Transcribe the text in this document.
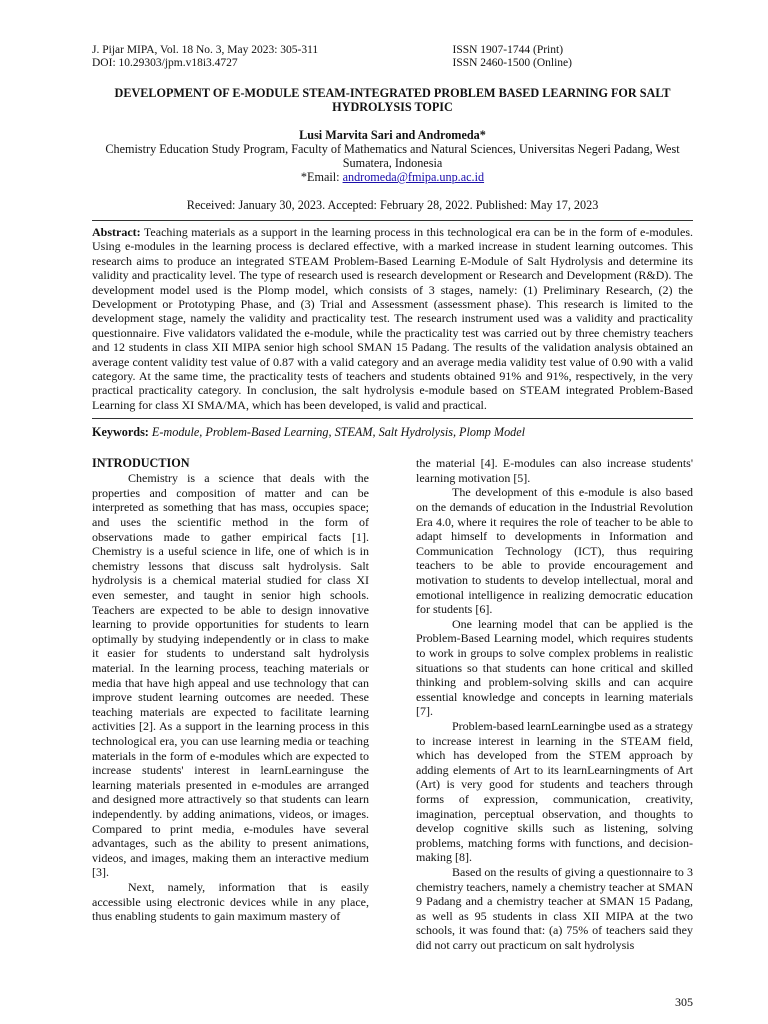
J. Pijar MIPA, Vol. 18 No. 3, May 2023: 305-311
DOI: 10.29303/jpm.v18i3.4727
ISSN 1907-1744 (Print)
ISSN 2460-1500 (Online)
DEVELOPMENT OF E-MODULE STEAM-INTEGRATED PROBLEM BASED LEARNING FOR SALT HYDROLYSIS TOPIC
Lusi Marvita Sari and Andromeda*
Chemistry Education Study Program, Faculty of Mathematics and Natural Sciences, Universitas Negeri Padang, West Sumatera, Indonesia
*Email: andromeda@fmipa.unp.ac.id
Received: January 30, 2023. Accepted: February 28, 2022. Published: May 17, 2023
Abstract: Teaching materials as a support in the learning process in this technological era can be in the form of e-modules. Using e-modules in the learning process is declared effective, with a marked increase in student learning outcomes. This research aims to produce an integrated STEAM Problem-Based Learning E-Module of Salt Hydrolysis and determine its validity and practicality level. The type of research used is research development or Research and Development (R&D). The development model used is the Plomp model, which consists of 3 stages, namely: (1) Preliminary Research, (2) the Development or Prototyping Phase, and (3) Trial and Assessment (assessment phase). This research is limited to the development stage, namely the validity and practicality test. The research instrument used was a validity and practicality questionnaire. Five validators validated the e-module, while the practicality test was carried out by three chemistry teachers and 12 students in class XII MIPA senior high school SMAN 15 Padang. The results of the validation analysis obtained an average content validity test value of 0.87 with a valid category and an average media validity test value of 0.90 with a valid category. At the same time, the practicality tests of teachers and students obtained 91% and 91%, respectively, in the very practical practicality category. In conclusion, the salt hydrolysis e-module based on STEAM integrated Problem-Based Learning for class XI SMA/MA, which has been developed, is valid and practical.
Keywords: E-module, Problem-Based Learning, STEAM, Salt Hydrolysis, Plomp Model
INTRODUCTION

Chemistry is a science that deals with the properties and composition of matter and can be interpreted as something that has mass, occupies space; and uses the scientific method in the form of observations made to gather empirical facts [1]. Chemistry is a useful science in life, one of which is in chemistry lessons that discuss salt hydrolysis. Salt hydrolysis is a chemical material studied for class XI even semester, and taught in senior high schools. Teachers are expected to be able to design innovative learning to provide opportunities for students to learn optimally by studying independently or in class to make it easier for students to understand salt hydrolysis material. In the learning process, teaching materials or media that have high appeal and use technology that can improve student learning outcomes are needed. These teaching materials are expected to facilitate learning activities [2]. As a support in the learning process in this technological era, you can use learning media or teaching materials in the form of e-modules which are expected to increase students' interest in learnLearninguse the learning materials presented in e-modules are arranged and designed more attractively so that students can learn independently. by adding animations, videos, or images. Compared to print media, e-modules have several advantages, such as the ability to present animations, videos, and images, making them an interactive medium [3].

Next, namely, information that is easily accessible using electronic devices while in any place, thus enabling students to gain maximum mastery of

the material [4]. E-modules can also increase students' learning motivation [5].

The development of this e-module is also based on the demands of education in the Industrial Revolution Era 4.0, where it requires the role of teacher to be able to adapt himself to developments in Information and Communication Technology (ICT), thus requiring teachers to be able to provide encouragement and motivation to students to develop intellectual, moral and emotional intelligence in realizing democratic education for students [6].

One learning model that can be applied is the Problem-Based Learning model, which requires students to work in groups to solve complex problems in realistic situations so that students can hone critical and skilled thinking and problem-solving skills and can acquire essential knowledge and concepts in learning materials [7].

Problem-based learnLearningbe used as a strategy to increase interest in learning in the STEAM field, which has developed from the STEM approach by adding elements of Art to its learnLearningments of Art (Art) is very good for students and teachers through forms of expression, communication, creativity, imagination, perceptual observation, and thoughts to develop cognitive skills such as listening, solving problems, matching forms with functions, and decision-making [8].

Based on the results of giving a questionnaire to 3 chemistry teachers, namely a chemistry teacher at SMAN 9 Padang and a chemistry teacher at SMAN 15 Padang, as well as 95 students in class XII MIPA at the two schools, it was found that: (a) 75% of teachers said they did not carry out practicum on salt hydrolysis

305
